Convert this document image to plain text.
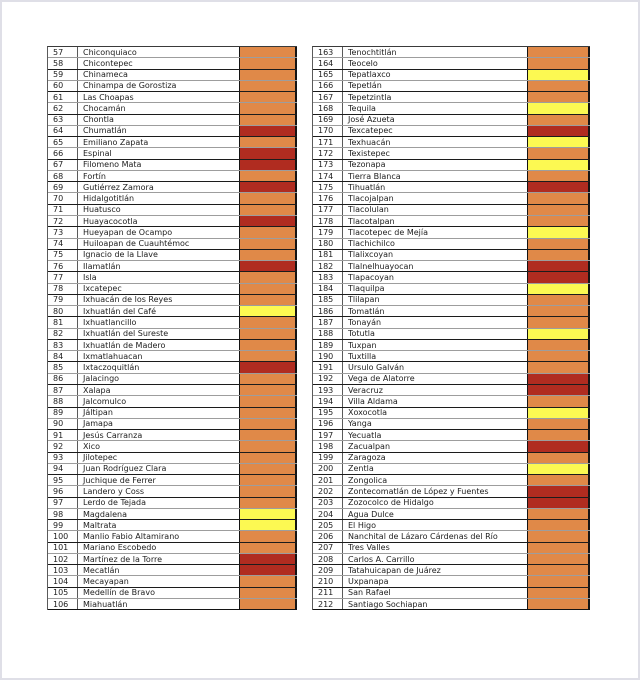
57	Chiconquiaco
58	Chicontepec
59	Chinameca
60	Chinampa de Gorostiza
61	Las Choapas
62	Chocamán
63	Chontla
64	Chumatlán
65	Emiliano Zapata
66	Espinal
67	Filomeno Mata
68	Fortín
69	Gutiérrez Zamora
70	Hidalgotitlán
71	Huatusco
72	Huayacocotla
73	Hueyapan de Ocampo
74	Huiloapan de Cuauhtémoc
75	Ignacio de la Llave
76	Ilamatlán
77	Isla
78	Ixcatepec
79	Ixhuacán de los Reyes
80	Ixhuatlán del Café
81	Ixhuatlancillo
82	Ixhuatlán del Sureste
83	Ixhuatlán de Madero
84	Ixmatlahuacan
85	Ixtaczoquitlán
86	Jalacingo
87	Xalapa
88	Jalcomulco
89	Jáltipan
90	Jamapa
91	Jesús Carranza
92	Xico
93	Jilotepec
94	Juan Rodríguez Clara
95	Juchique de Ferrer
96	Landero y Coss
97	Lerdo de Tejada
98	Magdalena
99	Maltrata
100	Manlio Fabio Altamirano
101	Mariano Escobedo
102	Martínez de la Torre
103	Mecatlán
104	Mecayapan
105	Medellín de Bravo
106	Miahuatlán
163	Tenochtitlán
164	Teocelo
165	Tepatlaxco
166	Tepetlán
167	Tepetzintla
168	Tequila
169	José Azueta
170	Texcatepec
171	Texhuacán
172	Texistepec
173	Tezonapa
174	Tierra Blanca
175	Tihuatlán
176	Tlacojalpan
177	Tlacolulan
178	Tlacotalpan
179	Tlacotepec de Mejía
180	Tlachichilco
181	Tlalixcoyan
182	Tlalnelhuayocan
183	Tlapacoyan
184	Tlaquilpa
185	Tlilapan
186	Tomatlán
187	Tonayán
188	Totutla
189	Tuxpan
190	Tuxtilla
191	Ursulo Galván
192	Vega de Alatorre
193	Veracruz
194	Villa Aldama
195	Xoxocotla
196	Yanga
197	Yecuatla
198	Zacualpan
199	Zaragoza
200	Zentla
201	Zongolica
202	Zontecomatlán de López y Fuentes
203	Zozocolco de Hidalgo
204	Agua Dulce
205	El Higo
206	Nanchital de Lázaro Cárdenas del Río
207	Tres Valles
208	Carlos A. Carrillo
209	Tatahuicapan de Juárez
210	Uxpanapa
211	San Rafael
212	Santiago Sochiapan
